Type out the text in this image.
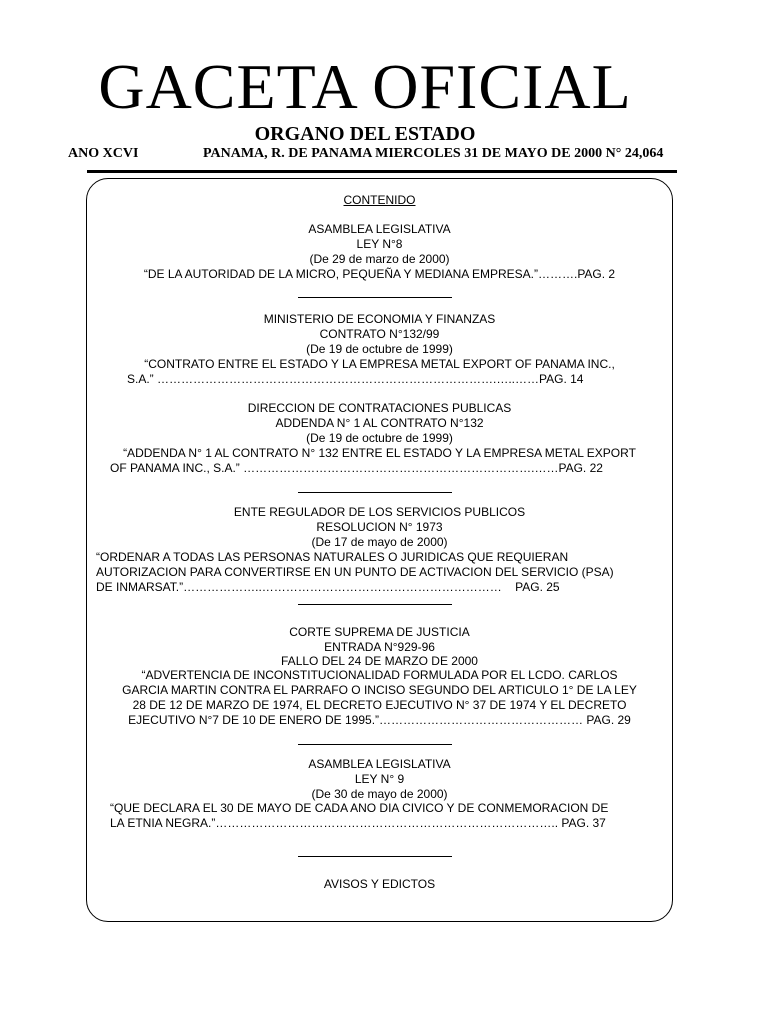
GACETA OFICIAL
ORGANO DEL ESTADO
ANO XCVI	PANAMA, R. DE PANAMA MIERCOLES 31 DE MAYO DE 2000 N° 24,064
CONTENIDO
ASAMBLEA LEGISLATIVA
LEY N°8
(De 29 de marzo de 2000)
“DE LA AUTORIDAD DE LA MICRO, PEQUEÑA Y MEDIANA EMPRESA.”……….PAG. 2
MINISTERIO DE ECONOMIA Y FINANZAS
CONTRATO N°132/99
(De 19 de octubre de 1999)
“CONTRATO ENTRE EL ESTADO Y LA EMPRESA METAL EXPORT OF PANAMA INC.,
S.A.” ………………………………………………………………………….…..……PAG. 14
DIRECCION DE CONTRATACIONES PUBLICAS
ADDENDA N° 1 AL CONTRATO N°132
(De 19 de octubre de 1999)
“ADDENDA N° 1 AL CONTRATO N° 132 ENTRE EL ESTADO Y LA EMPRESA METAL EXPORT
OF PANAMA INC., S.A.” ……………………………………………………………….……PAG. 22
ENTE REGULADOR DE LOS SERVICIOS PUBLICOS
RESOLUCION N° 1973
(De 17 de mayo de 2000)
“ORDENAR A TODAS LAS PERSONAS NATURALES O JURIDICAS QUE REQUIERAN
AUTORIZACION PARA CONVERTIRSE EN UN PUNTO DE ACTIVACION DEL SERVICIO (PSA)
DE INMARSAT.”………………..……………………………………………………    PAG. 25
CORTE SUPREMA DE JUSTICIA
ENTRADA N°929-96
FALLO DEL 24 DE MARZO DE 2000
“ADVERTENCIA DE INCONSTITUCIONALIDAD FORMULADA POR EL LCDO. CARLOS
GARCIA MARTIN CONTRA EL PARRAFO O INCISO SEGUNDO DEL ARTICULO 1° DE LA LEY
28 DE 12 DE MARZO DE 1974, EL DECRETO EJECUTIVO N° 37 DE 1974 Y EL DECRETO
EJECUTIVO N°7 DE 10 DE ENERO DE 1995.”…………………………………………… PAG. 29
ASAMBLEA LEGISLATIVA
LEY N° 9
(De 30 de mayo de 2000)
“QUE DECLARA EL 30 DE MAYO DE CADA ANO DIA CIVICO Y DE CONMEMORACION DE
LA ETNIA NEGRA.”………………………………………………………………………….. PAG. 37
AVISOS Y EDICTOS
